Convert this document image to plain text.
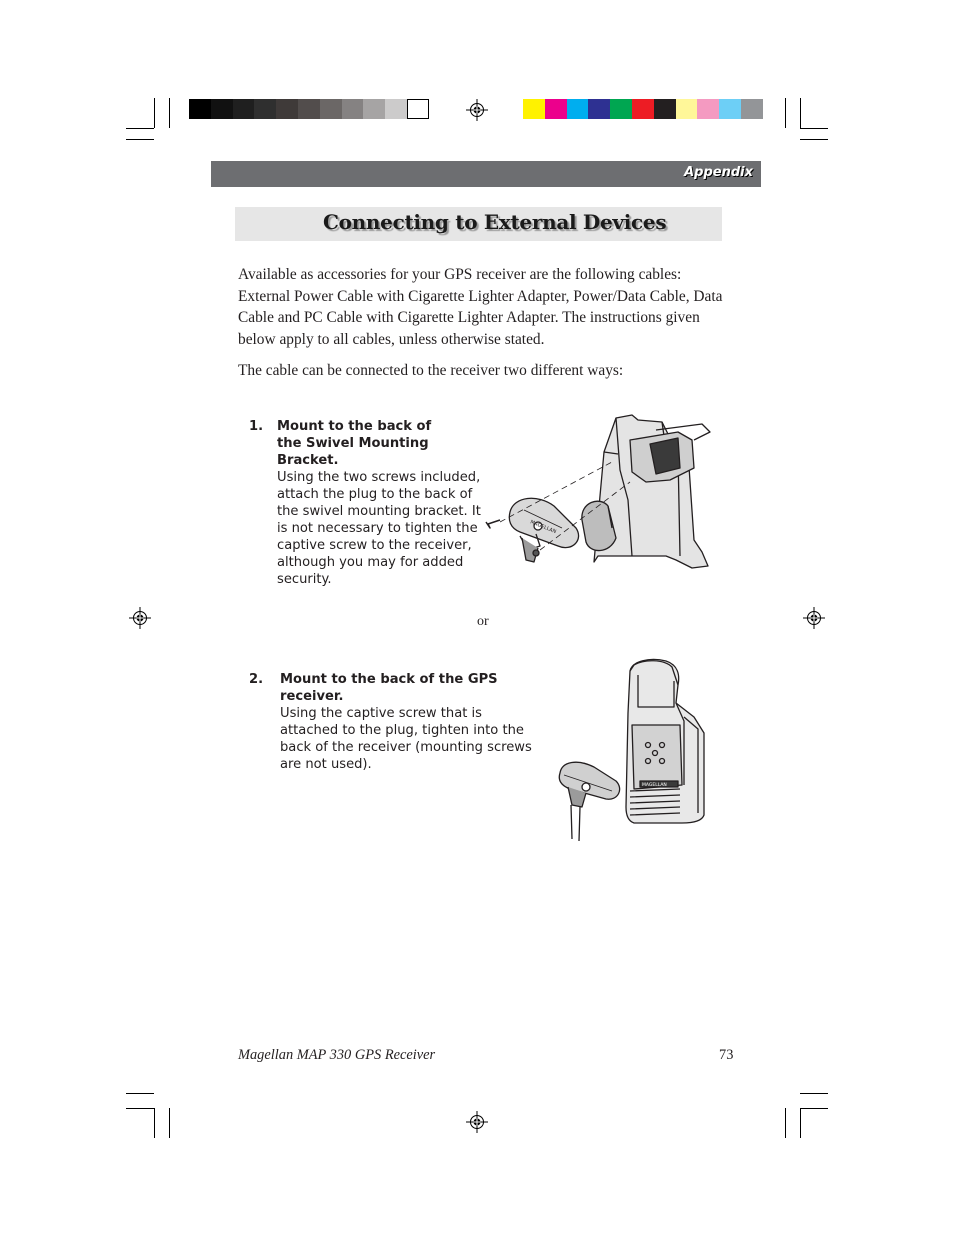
Appendix
Connecting to External Devices

Available as accessories for your GPS receiver are the following cables: External Power Cable with Cigarette Lighter Adapter, Power/Data Cable, Data Cable and PC Cable with Cigarette Lighter Adapter. The instructions given below apply to all cables, unless otherwise stated.

The cable can be connected to the receiver two different ways:

1. Mount to the back of the Swivel Mounting Bracket.
Using the two screws included, attach the plug to the back of the swivel mounting bracket. It is not necessary to tighten the captive screw to the receiver, although you may for added security.
MAGELLAN
or
2. Mount to the back of the GPS receiver.
Using the captive screw that is attached to the plug, tighten into the back of the receiver (mounting screws are not used).
MAGELLAN
Magellan MAP 330 GPS Receiver	73
